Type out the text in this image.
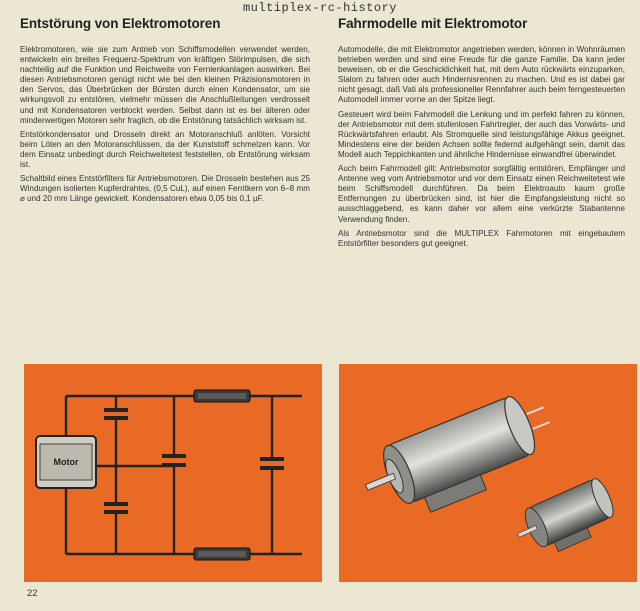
multiplex-rc-history
Entstörung von Elektromotoren

Elektromotoren, wie sie zum Antrieb von Schiffsmodellen verwendet werden, entwickeln ein breites Frequenz-Spektrum von kräftigen Störimpulsen, die sich nachteilig auf die Funktion und Reichweite von Fernlenkanlagen auswirken. Bei diesen Antriebsmotoren genügt nicht wie bei den kleinen Präzisionsmotoren in den Servos, das Überbrücken der Bürsten durch einen Kondensator, um sie wirkungsvoll zu entstören, vielmehr müssen die Anschlußleitungen verdrosselt und mit Kondensatoren verblockt werden. Selbst dann ist es bei älteren oder minderwertigen Motoren sehr fraglich, ob die Entstörung tatsächlich wirksam ist.

Entstörkondensator und Drosseln direkt an Motoranschluß anlöten. Vorsicht beim Löten an den Motoranschlüssen, da der Kunststoff schmelzen kann. Vor dem Einsatz unbedingt durch Reichweitetest feststellen, ob Entstörung wirksam ist.

Schaltbild eines Entstörfilters für Antriebsmotoren. Die Drosseln bestehen aus 25 Windungen isolierten Kupferdrahtes, (0,5 CuL), auf einen Ferritkern von 6–8 mm ⌀ und 20 mm Länge gewickelt. Kondensatoren etwa 0,05 bis 0,1 µF.

Fahrmodelle mit Elektromotor

Automodelle, die mit Elektromotor angetrieben werden, können in Wohnräumen betrieben werden und sind eine Freude für die ganze Familie. Da kann jeder beweisen, ob er die Geschicklichkeit hat, mit dem Auto rückwärts einzuparken, Slalom zu fahren oder auch Hindernisrennen zu machen. Und es ist dabei gar nicht gesagt, daß Vati als professioneller Rennfahrer auch beim ferngesteuerten Automodell immer vorne an der Spitze liegt.

Gesteuert wird beim Fahrmodell die Lenkung und im perfekt fahren zu können, der Antriebsmotor mit dem stufenlosen Fahrtregler, der auch das Vorwärts- und Rückwärtsfahren erlaubt. Als Stromquelle sind leistungsfähige Akkus geeignet. Mindestens eine der beiden Achsen sollte federnd aufgehängt sein, damit das Modell auch Teppichkanten und ähnliche Hindernisse einwandfrei überwindet.

Auch beim Fahrmodell gilt: Antriebsmotor sorgfältig entstören, Empfänger und Antenne weg vom Antriebsmotor und vor dem Einsatz einen Reichweitetest wie beim Schiffsmodell durchführen. Da beim Elektroauto kaum große Entfernungen zu überbrücken sind, ist hier die Empfangsleistung nicht so ausschlaggebend, es kann daher vor allem eine verkürzte Stabantenne Verwendung finden.

Als Antriebsmotor sind die MULTIPLEX Fahrmotoren mit eingebautem Entstörfilter besonders gut geeignet.

Motor
22
